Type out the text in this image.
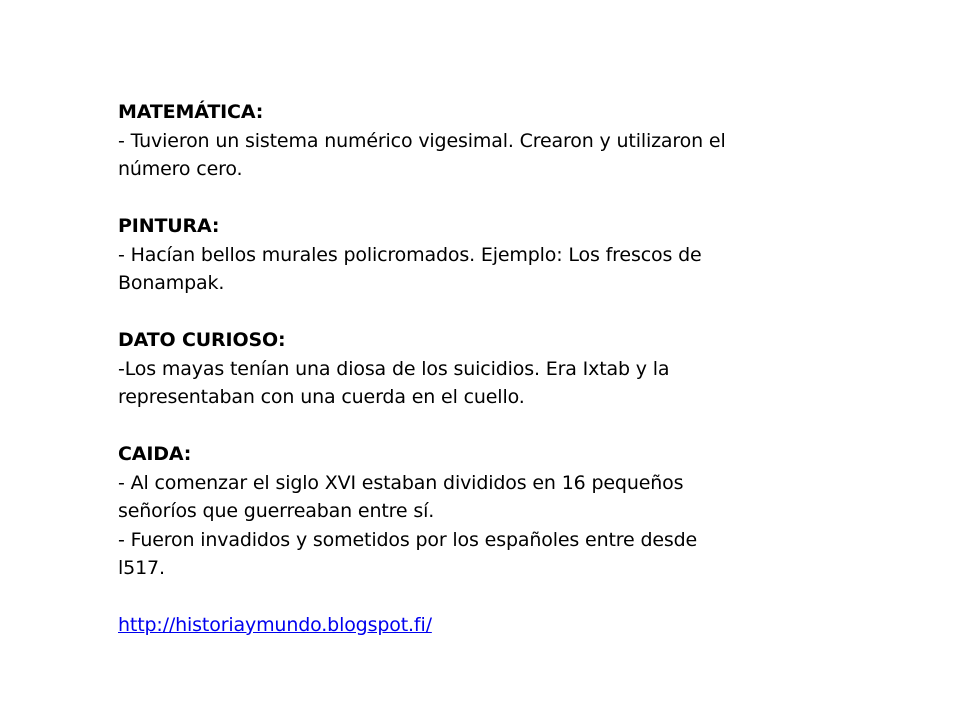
MATEMÁTICA:

- Tuvieron un sistema numérico vigesimal. Crearon y utilizaron el número cero.

PINTURA:

- Hacían bellos murales policromados. Ejemplo: Los frescos de Bonampak.

DATO CURIOSO:

-Los mayas tenían una diosa de los suicidios. Era Ixtab y la representaban con una cuerda en el cuello.

CAIDA:

- Al comenzar el siglo XVI estaban divididos en 16 pequeños señoríos que guerreaban entre sí.

- Fueron invadidos y sometidos por los españoles entre desde l517.

http://historiaymundo.blogspot.fi/
